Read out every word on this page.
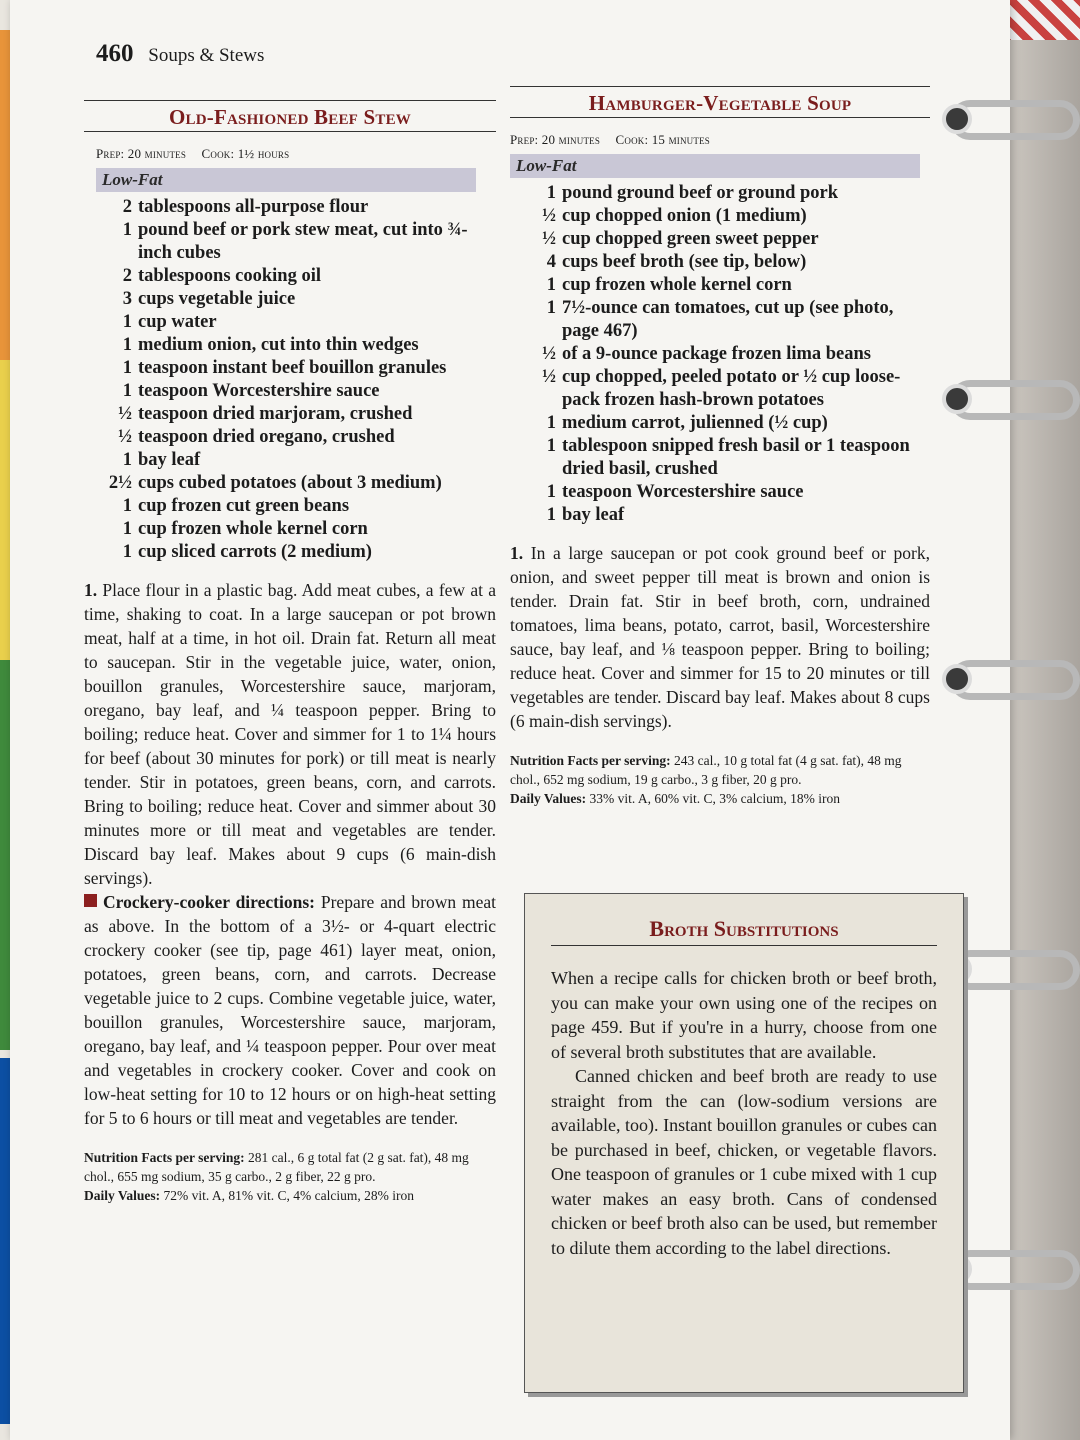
460 Soups & Stews
Old-Fashioned Beef Stew
Prep: 20 minutes Cook: 1½ hours
Low-Fat
2 tablespoons all-purpose flour
1 pound beef or pork stew meat, cut into ¾-inch cubes
2 tablespoons cooking oil
3 cups vegetable juice
1 cup water
1 medium onion, cut into thin wedges
1 teaspoon instant beef bouillon granules
1 teaspoon Worcestershire sauce
½ teaspoon dried marjoram, crushed
½ teaspoon dried oregano, crushed
1 bay leaf
2½ cups cubed potatoes (about 3 medium)
1 cup frozen cut green beans
1 cup frozen whole kernel corn
1 cup sliced carrots (2 medium)
1. Place flour in a plastic bag. Add meat cubes, a few at a time, shaking to coat. In a large saucepan or pot brown meat, half at a time, in hot oil. Drain fat. Return all meat to saucepan. Stir in the vegetable juice, water, onion, bouillon granules, Worcestershire sauce, marjoram, oregano, bay leaf, and ¼ teaspoon pepper. Bring to boiling; reduce heat. Cover and simmer for 1 to 1¼ hours for beef (about 30 minutes for pork) or till meat is nearly tender. Stir in potatoes, green beans, corn, and carrots. Bring to boiling; reduce heat. Cover and simmer about 30 minutes more or till meat and vegetables are tender. Discard bay leaf. Makes about 9 cups (6 main-dish servings).
Crockery-cooker directions: Prepare and brown meat as above. In the bottom of a 3½- or 4-quart electric crockery cooker (see tip, page 461) layer meat, onion, potatoes, green beans, corn, and carrots. Decrease vegetable juice to 2 cups. Combine vegetable juice, water, bouillon granules, Worcestershire sauce, marjoram, oregano, bay leaf, and ¼ teaspoon pepper. Pour over meat and vegetables in crockery cooker. Cover and cook on low-heat setting for 10 to 12 hours or on high-heat setting for 5 to 6 hours or till meat and vegetables are tender.
Nutrition Facts per serving: 281 cal., 6 g total fat (2 g sat. fat), 48 mg chol., 655 mg sodium, 35 g carbo., 2 g fiber, 22 g pro.
Daily Values: 72% vit. A, 81% vit. C, 4% calcium, 28% iron
Hamburger-Vegetable Soup
Prep: 20 minutes Cook: 15 minutes
Low-Fat
1 pound ground beef or ground pork
½ cup chopped onion (1 medium)
½ cup chopped green sweet pepper
4 cups beef broth (see tip, below)
1 cup frozen whole kernel corn
1 7½-ounce can tomatoes, cut up (see photo, page 467)
½ of a 9-ounce package frozen lima beans
½ cup chopped, peeled potato or ½ cup loose-pack frozen hash-brown potatoes
1 medium carrot, julienned (½ cup)
1 tablespoon snipped fresh basil or 1 teaspoon dried basil, crushed
1 teaspoon Worcestershire sauce
1 bay leaf
1. In a large saucepan or pot cook ground beef or pork, onion, and sweet pepper till meat is brown and onion is tender. Drain fat. Stir in beef broth, corn, undrained tomatoes, lima beans, potato, carrot, basil, Worcestershire sauce, bay leaf, and ⅛ teaspoon pepper. Bring to boiling; reduce heat. Cover and simmer for 15 to 20 minutes or till vegetables are tender. Discard bay leaf. Makes about 8 cups (6 main-dish servings).
Nutrition Facts per serving: 243 cal., 10 g total fat (4 g sat. fat), 48 mg chol., 652 mg sodium, 19 g carbo., 3 g fiber, 20 g pro.
Daily Values: 33% vit. A, 60% vit. C, 3% calcium, 18% iron
Broth Substitutions

When a recipe calls for chicken broth or beef broth, you can make your own using one of the recipes on page 459. But if you're in a hurry, choose from one of several broth substitutes that are available.

Canned chicken and beef broth are ready to use straight from the can (low-sodium versions are available, too). Instant bouillon granules or cubes can be purchased in beef, chicken, or vegetable flavors. One teaspoon of granules or 1 cube mixed with 1 cup water makes an easy broth. Cans of condensed chicken or beef broth also can be used, but remember to dilute them according to the label directions.
